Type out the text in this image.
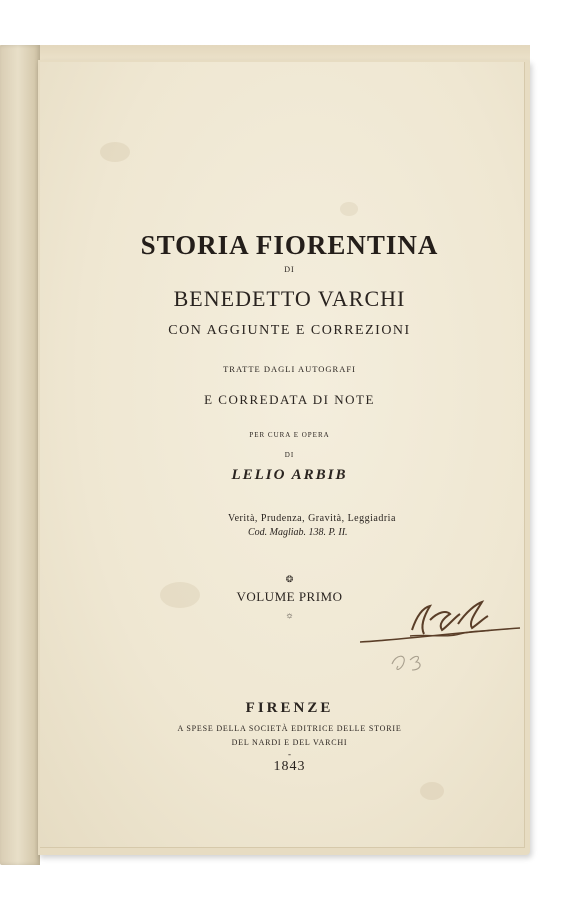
STORIA FIORENTINA

DI

BENEDETTO VARCHI

CON AGGIUNTE E CORREZIONI

TRATTE DAGLI AUTOGRAFI

E CORREDATA DI NOTE

PER CURA E OPERA

DI

LELIO ARBIB

Verità, Prudenza, Gravità, Leggiadria
Cod. Magliab. 138. P. II.

❂

VOLUME PRIMO

☼

FIRENZE

A SPESE DELLA SOCIETÀ EDITRICE DELLE STORIE

DEL NARDI E DEL VARCHI

-

1843
